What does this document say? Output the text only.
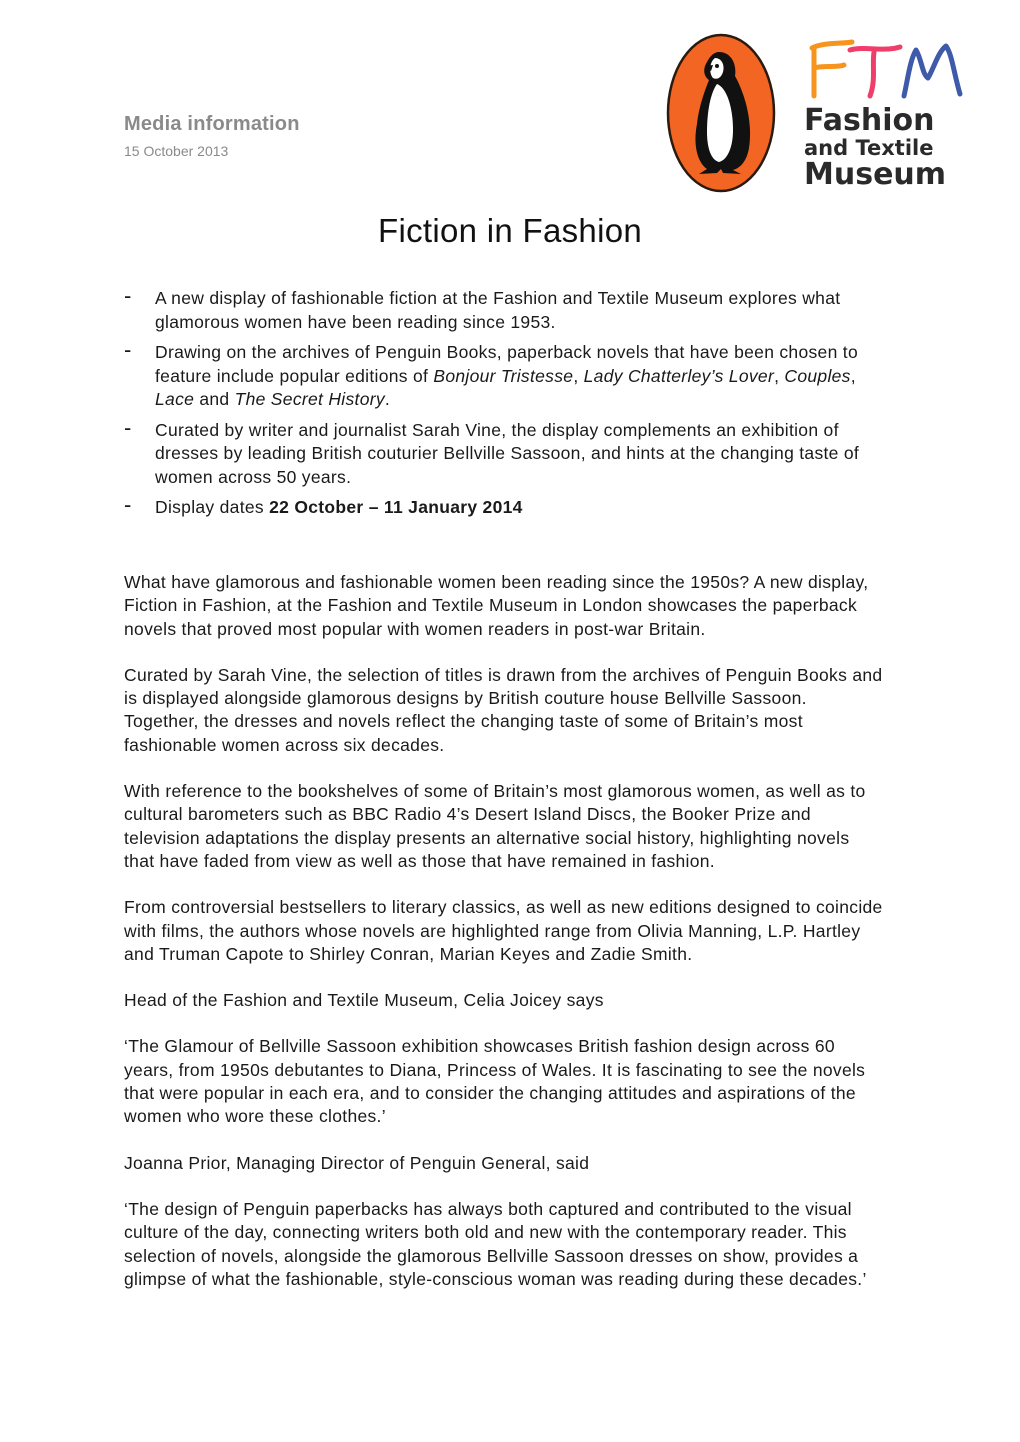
Media information
15 October 2013
Fashion
and Textile
Museum
Fiction in Fashion
- A new display of fashionable fiction at the Fashion and Textile Museum explores what glamorous women have been reading since 1953.
- Drawing on the archives of Penguin Books, paperback novels that have been chosen to feature include popular editions of Bonjour Tristesse, Lady Chatterley’s Lover, Couples, Lace and The Secret History.
- Curated by writer and journalist Sarah Vine, the display complements an exhibition of dresses by leading British couturier Bellville Sassoon, and hints at the changing taste of women across 50 years.
- Display dates 22 October – 11 January 2014

What have glamorous and fashionable women been reading since the 1950s? A new display, Fiction in Fashion, at the Fashion and Textile Museum in London showcases the paperback novels that proved most popular with women readers in post-war Britain.

Curated by Sarah Vine, the selection of titles is drawn from the archives of Penguin Books and is displayed alongside glamorous designs by British couture house Bellville Sassoon. Together, the dresses and novels reflect the changing taste of some of Britain’s most fashionable women across six decades.

With reference to the bookshelves of some of Britain’s most glamorous women, as well as to cultural barometers such as BBC Radio 4’s Desert Island Discs, the Booker Prize and television adaptations the display presents an alternative social history, highlighting novels that have faded from view as well as those that have remained in fashion.

From controversial bestsellers to literary classics, as well as new editions designed to coincide with films, the authors whose novels are highlighted range from Olivia Manning, L.P. Hartley and Truman Capote to Shirley Conran, Marian Keyes and Zadie Smith.

Head of the Fashion and Textile Museum, Celia Joicey says

‘The Glamour of Bellville Sassoon exhibition showcases British fashion design across 60 years, from 1950s debutantes to Diana, Princess of Wales. It is fascinating to see the novels that were popular in each era, and to consider the changing attitudes and aspirations of the women who wore these clothes.’

Joanna Prior, Managing Director of Penguin General, said

‘The design of Penguin paperbacks has always both captured and contributed to the visual culture of the day, connecting writers both old and new with the contemporary reader. This selection of novels, alongside the glamorous Bellville Sassoon dresses on show, provides a glimpse of what the fashionable, style-conscious woman was reading during these decades.’
